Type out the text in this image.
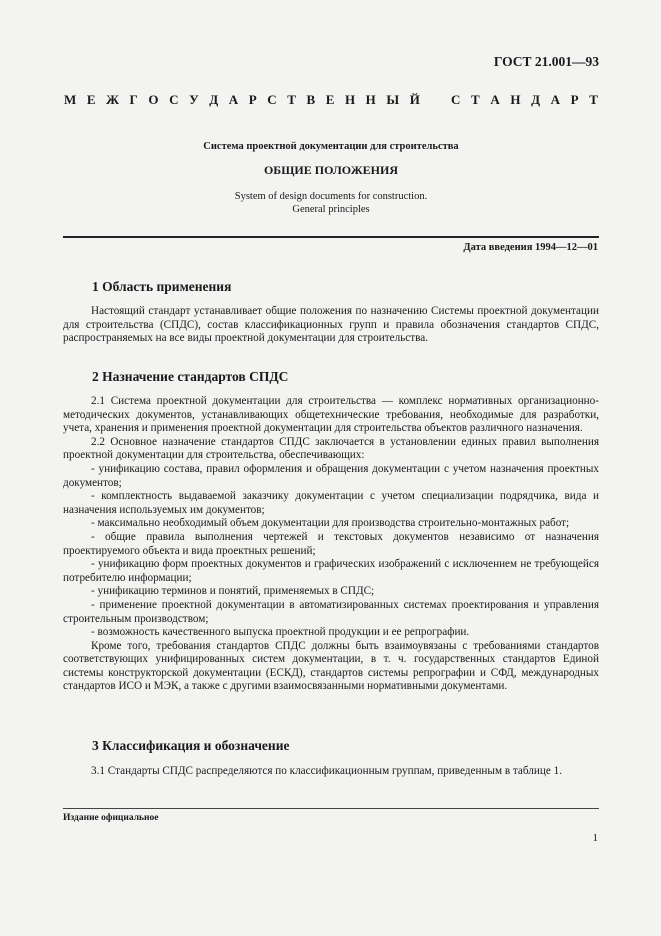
ГОСТ 21.001—93
М Е Ж Г О С У Д А Р С Т В Е Н Н Ы Й С Т А Н Д А Р Т
Система проектной документации для строительства
ОБЩИЕ ПОЛОЖЕНИЯ
System of design documents for construction.
General principles
Дата введения 1994—12—01
1 Область применения

Настоящий стандарт устанавливает общие положения по назначению Системы проектной документации для строительства (СПДС), состав классификационных групп и правила обозначения стандартов СПДС, распространяемых на все виды проектной документации для строительства.

2 Назначение стандартов СПДС

2.1 Система проектной документации для строительства — комплекс нормативных организационно-методических документов, устанавливающих общетехнические требования, необходимые для разработки, учета, хранения и применения проектной документации для строительства объектов различного назначения.

2.2 Основное назначение стандартов СПДС заключается в установлении единых правил выполнения проектной документации для строительства, обеспечивающих:

- унификацию состава, правил оформления и обращения документации с учетом назначения проектных документов;

- комплектность выдаваемой заказчику документации с учетом специализации подрядчика, вида и назначения используемых им документов;

- максимально необходимый объем документации для производства строительно-монтажных работ;

- общие правила выполнения чертежей и текстовых документов независимо от назначения проектируемого объекта и вида проектных решений;

- унификацию форм проектных документов и графических изображений с исключением не требующейся потребителю информации;

- унификацию терминов и понятий, применяемых в СПДС;

- применение проектной документации в автоматизированных системах проектирования и управления строительным производством;

- возможность качественного выпуска проектной продукции и ее репрографии.

Кроме того, требования стандартов СПДС должны быть взаимоувязаны с требованиями стандартов соответствующих унифицированных систем документации, в т. ч. государственных стандартов Единой системы конструкторской документации (ЕСКД), стандартов системы репрографии и СФД, международных стандартов ИСО и МЭК, а также с другими взаимосвязанными нормативными документами.

3 Классификация и обозначение

3.1 Стандарты СПДС распределяются по классификационным группам, приведенным в таблице 1.

Издание официальное
1
